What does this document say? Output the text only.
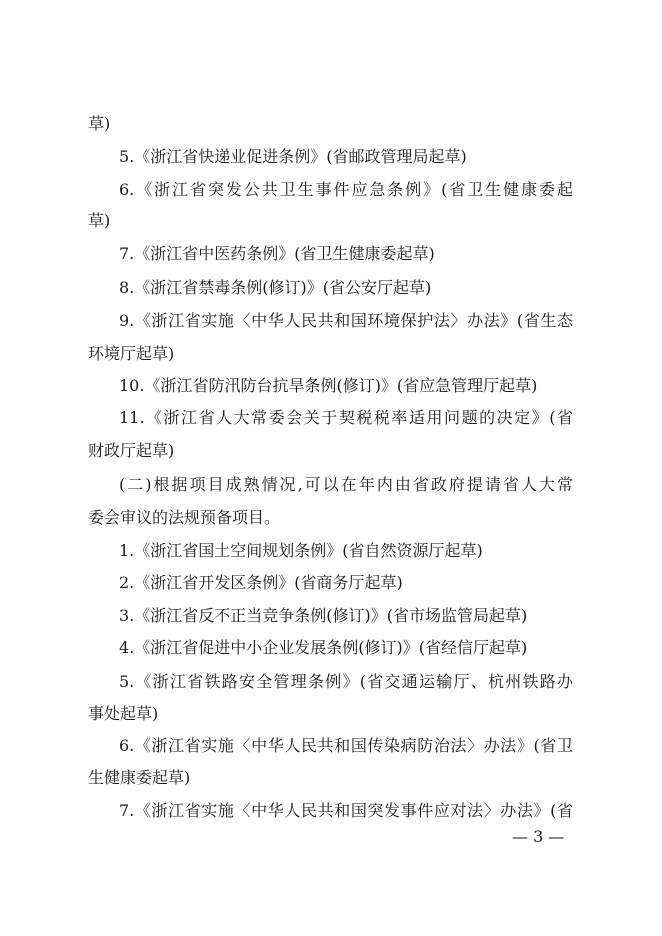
草)
5.《浙江省快递业促进条例》(省邮政管理局起草)
6.《浙江省突发公共卫生事件应急条例》(省卫生健康委起
草)
7.《浙江省中医药条例》(省卫生健康委起草)
8.《浙江省禁毒条例(修订)》(省公安厅起草)
9.《浙江省实施〈中华人民共和国环境保护法〉办法》(省生态
环境厅起草)
10.《浙江省防汛防台抗旱条例(修订)》(省应急管理厅起草)
11.《浙江省人大常委会关于契税税率适用问题的决定》(省
财政厅起草)
(二)根据项目成熟情况,可以在年内由省政府提请省人大常
委会审议的法规预备项目。
1.《浙江省国土空间规划条例》(省自然资源厅起草)
2.《浙江省开发区条例》(省商务厅起草)
3.《浙江省反不正当竞争条例(修订)》(省市场监管局起草)
4.《浙江省促进中小企业发展条例(修订)》(省经信厅起草)
5.《浙江省铁路安全管理条例》(省交通运输厅、杭州铁路办
事处起草)
6.《浙江省实施〈中华人民共和国传染病防治法〉办法》(省卫
生健康委起草)
7.《浙江省实施〈中华人民共和国突发事件应对法〉办法》(省
— 3 —
